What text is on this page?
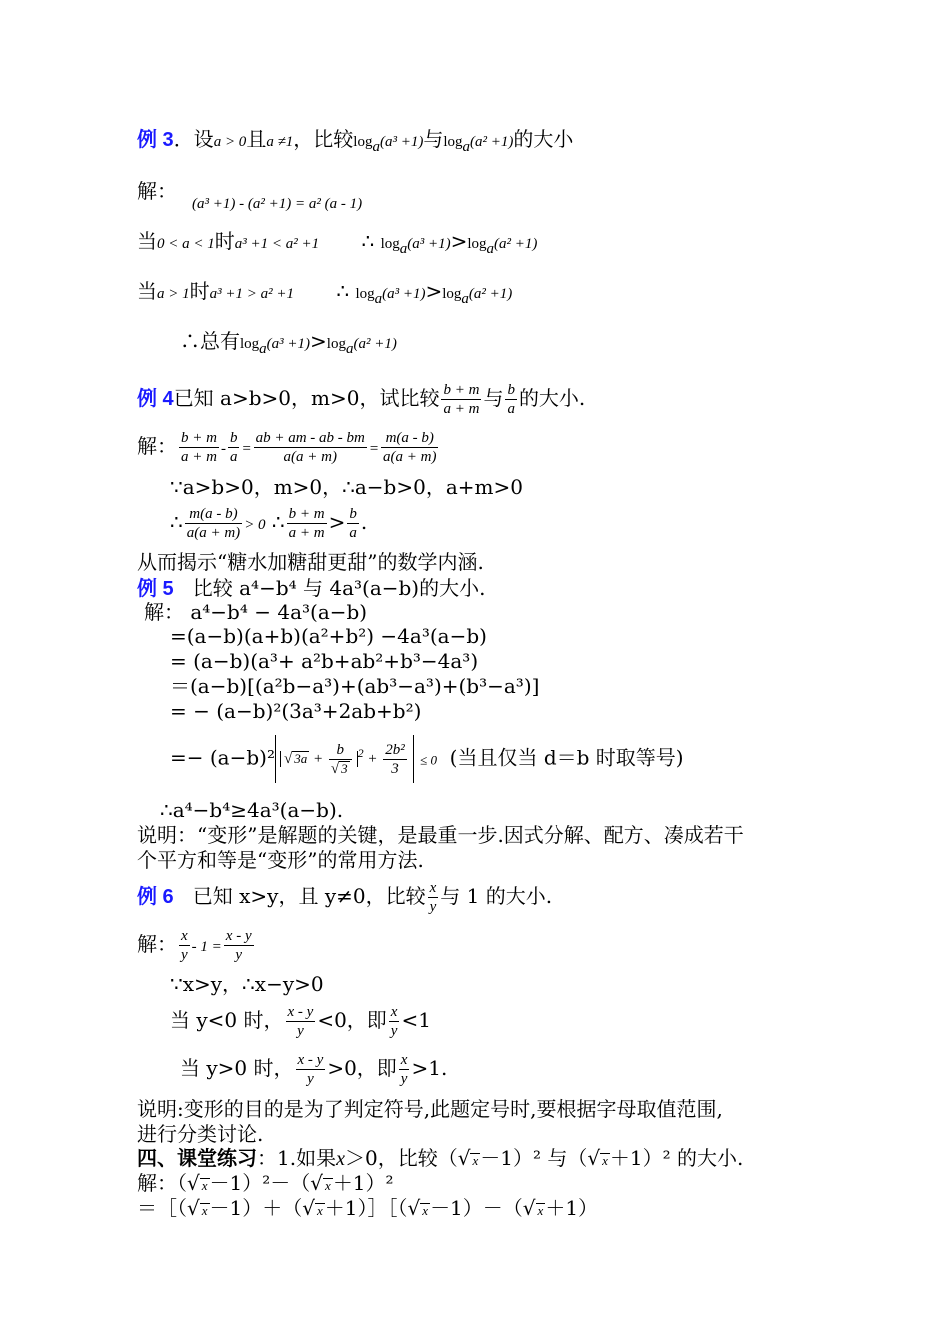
例 3．设a > 0且a ≠1，比较$\log_a(a^3 +1)$与$\log_a(a^2 +1)$的大小
解：
(a³ +1) - (a² +1) = a² (a - 1)
当0 < a < 1时a³ +1 < a² +1 ∴ $\log_a(a^3 +1)>\log_a(a^2 +1)$
当a > 1时a³ +1 > a² +1 ∴ $\log_a(a^3 +1)>\log_a(a^2 +1)$
∴总有$\log_a(a^3 +1)>\log_a(a^2 +1)$
例 4已知 a>b>0，m>0，试比较 $\frac{b + m}{a + m}$ 与 $\frac{b}{a}$ 的大小.
解： $\frac{b + m}{a + m} - \frac{b}{a} = \frac{ab + am - ab - bm}{a(a + m)} = \frac{m(a - b)}{a(a + m)}$
∵a>b>0，m>0，∴a−b>0，a+m>0
∴ $\frac{m(a - b)}{a(a + m)} > 0$ ∴ $\frac{b + m}{a + m} > \frac{b}{a}$ .
从而揭示“糖水加糖甜更甜”的数学内涵.
例 5 比较 a⁴−b⁴ 与 4a³(a−b)的大小.
解： a⁴−b⁴ − 4a³(a−b)
=(a−b)(a+b)(a²+b²) −4a³(a−b)
= (a−b)(a³+ a²b+ab²+b³−4a³)
＝(a−b)[(a²b−a³)+(ab³−a³)+(b³−a³)]
= − (a−b)²(3a³+2ab+b²)
=− (a−b)² √ $3a + \frac{b}{√ 3} ^2 + \frac{\text{2b²}}{3} \le 0$ (当且仅当 d＝b 时取等号)
∴a⁴−b⁴≥4a³(a−b).
说明：“变形”是解题的关键，是最重一步.因式分解、配方、凑成若干
个平方和等是“变形”的常用方法.
例 6 已知 x>y，且 y≠0，比较 $\frac{x}{y}$ 与 1 的大小.
解： $\frac{x}{y} - 1 = \frac{x - y}{y}$
∵x>y，∴x−y>0
当 y<0 时， $\frac{x - y}{y} <0$，即 $\frac{x}{y} <1$
当 y>0 时， $\frac{x - y}{y} >0$，即 $\frac{x}{y} >1$.
说明:变形的目的是为了判定符号,此题定号时,要根据字母取值范围,
进行分类讨论.
四、课堂练习：1.如果x＞0，比较（√ x －1）² 与（√ x ＋1）² 的大小.
解：（√ x －1）²－（√ x ＋1）²
＝［（√ x －1）＋（√ x ＋1）］［（√ x －1）－（√ x ＋1）
